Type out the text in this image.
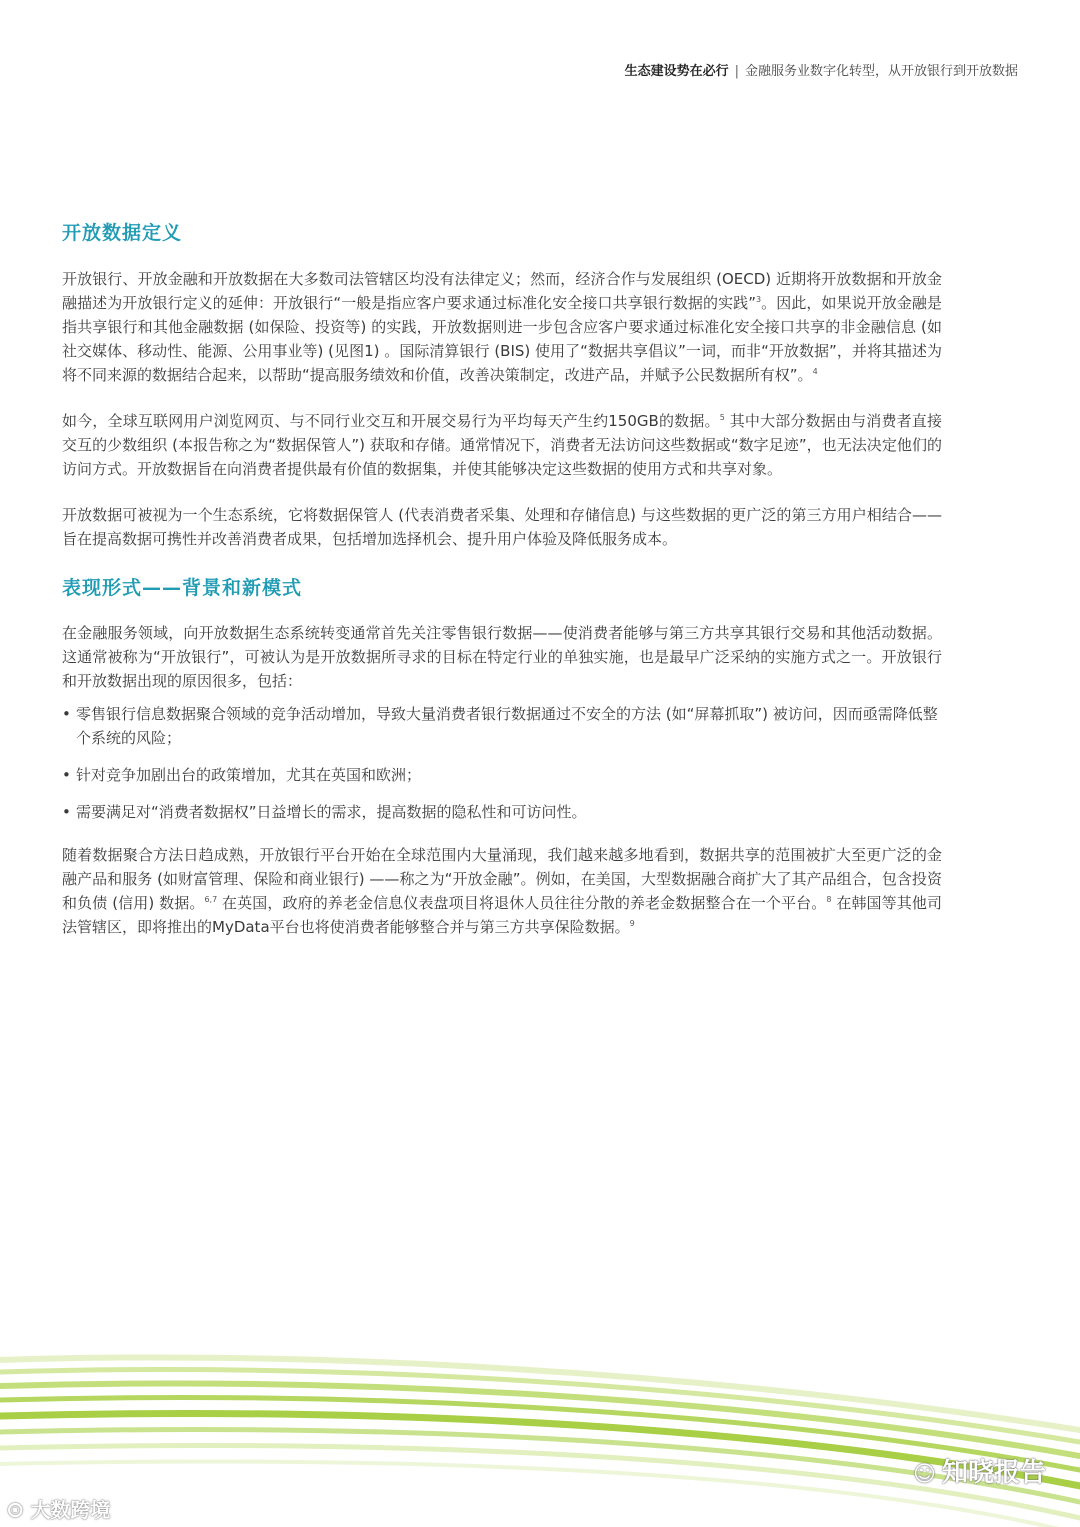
生态建设势在必行 | 金融服务业数字化转型，从开放银行到开放数据
开放数据定义

开放银行、开放金融和开放数据在大多数司法管辖区均没有法律定义；然而，经济合作与发展组织 (OECD) 近期将开放数据和开放金融描述为开放银行定义的延伸：开放银行“一般是指应客户要求通过标准化安全接口共享银行数据的实践”$^3$。因此，如果说开放金融是指共享银行和其他金融数据 (如保险、投资等) 的实践，开放数据则进一步包含应客户要求通过标准化安全接口共享的非金融信息 (如社交媒体、移动性、能源、公用事业等) (见图1) 。国际清算银行 (BIS) 使用了“数据共享倡议”一词，而非“开放数据”，并将其描述为将不同来源的数据结合起来，以帮助“提高服务绩效和价值，改善决策制定，改进产品，并赋予公民数据所有权”。$^4$

如今，全球互联网用户浏览网页、与不同行业交互和开展交易行为平均每天产生约150GB的数据。$^5$ 其中大部分数据由与消费者直接交互的少数组织 (本报告称之为“数据保管人”) 获取和存储。通常情况下，消费者无法访问这些数据或“数字足迹”，也无法决定他们的访问方式。开放数据旨在向消费者提供最有价值的数据集，并使其能够决定这些数据的使用方式和共享对象。

开放数据可被视为一个生态系统，它将数据保管人 (代表消费者采集、处理和存储信息) 与这些数据的更广泛的第三方用户相结合——旨在提高数据可携性并改善消费者成果，包括增加选择机会、提升用户体验及降低服务成本。

表现形式——背景和新模式

在金融服务领域，向开放数据生态系统转变通常首先关注零售银行数据——使消费者能够与第三方共享其银行交易和其他活动数据。这通常被称为“开放银行”，可被认为是开放数据所寻求的目标在特定行业的单独实施，也是最早广泛采纳的实施方式之一。开放银行和开放数据出现的原因很多，包括：

• 零售银行信息数据聚合领域的竞争活动增加，导致大量消费者银行数据通过不安全的方法 (如“屏幕抓取”) 被访问，因而亟需降低整个系统的风险；
• 针对竞争加剧出台的政策增加，尤其在英国和欧洲；
• 需要满足对“消费者数据权”日益增长的需求，提高数据的隐私性和可访问性。

随着数据聚合方法日趋成熟，开放银行平台开始在全球范围内大量涌现，我们越来越多地看到，数据共享的范围被扩大至更广泛的金融产品和服务 (如财富管理、保险和商业银行) ——称之为“开放金融”。例如，在美国，大型数据融合商扩大了其产品组合，包含投资和负债 (信用) 数据。$^{6,7}$ 在英国，政府的养老金信息仪表盘项目将退休人员往往分散的养老金数据整合在一个平台。$^8$ 在韩国等其他司法管辖区，即将推出的MyData平台也将使消费者能够整合并与第三方共享保险数据。$^9$

☺ 知晓报告
⊙ 大数跨境
